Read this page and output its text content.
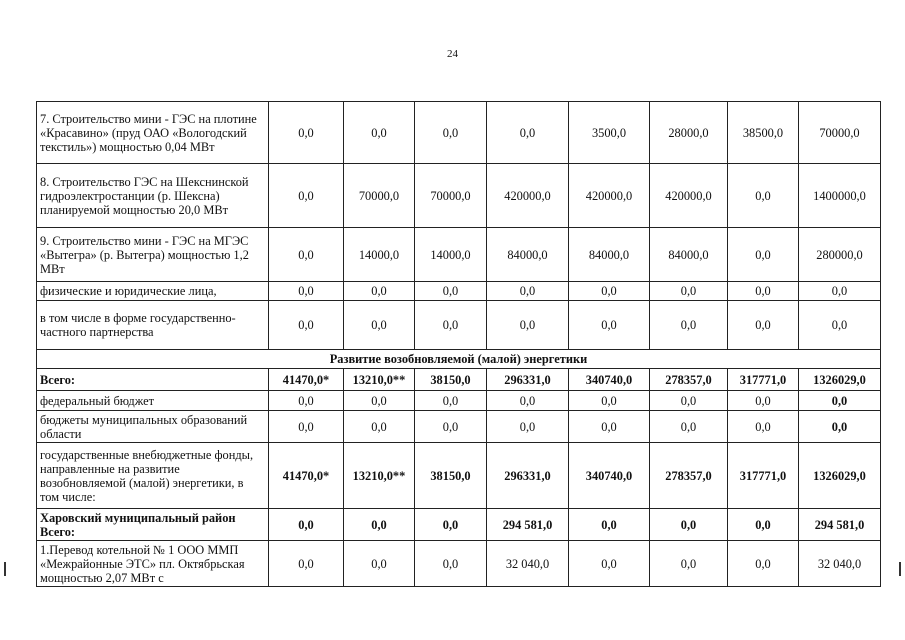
24
7. Строительство мини - ГЭС на плотине «Красавино» (пруд ОАО «Вологодский текстиль») мощностью 0,04 МВт	0,0	0,0	0,0	0,0	3500,0	28000,0	38500,0	70000,0
8. Строительство ГЭС на Шекснинской гидроэлектростанции (р. Шексна) планируемой мощностью 20,0 МВт	0,0	70000,0	70000,0	420000,0	420000,0	420000,0	0,0	1400000,0
9. Строительство мини - ГЭС на МГЭС «Вытегра» (р. Вытегра) мощностью 1,2 МВт	0,0	14000,0	14000,0	84000,0	84000,0	84000,0	0,0	280000,0
физические и юридические лица,	0,0	0,0	0,0	0,0	0,0	0,0	0,0	0,0
в том числе в форме государственно-частного партнерства	0,0	0,0	0,0	0,0	0,0	0,0	0,0	0,0
Развитие возобновляемой (малой) энергетики								
Всего:	41470,0*	13210,0**	38150,0	296331,0	340740,0	278357,0	317771,0	1326029,0
федеральный бюджет	0,0	0,0	0,0	0,0	0,0	0,0	0,0	0,0
бюджеты муниципальных образований области	0,0	0,0	0,0	0,0	0,0	0,0	0,0	0,0
государственные внебюджетные фонды, направленные на развитие возобновляемой (малой) энергетики, в том числе:	41470,0*	13210,0**	38150,0	296331,0	340740,0	278357,0	317771,0	1326029,0
Харовский муниципальный район Всего:	0,0	0,0	0,0	294 581,0	0,0	0,0	0,0	294 581,0
1.Перевод котельной № 1 ООО ММП «Межрайонные ЭТС» пл. Октябрьская мощностью 2,07 МВт с	0,0	0,0	0,0	32 040,0	0,0	0,0	0,0	32 040,0
